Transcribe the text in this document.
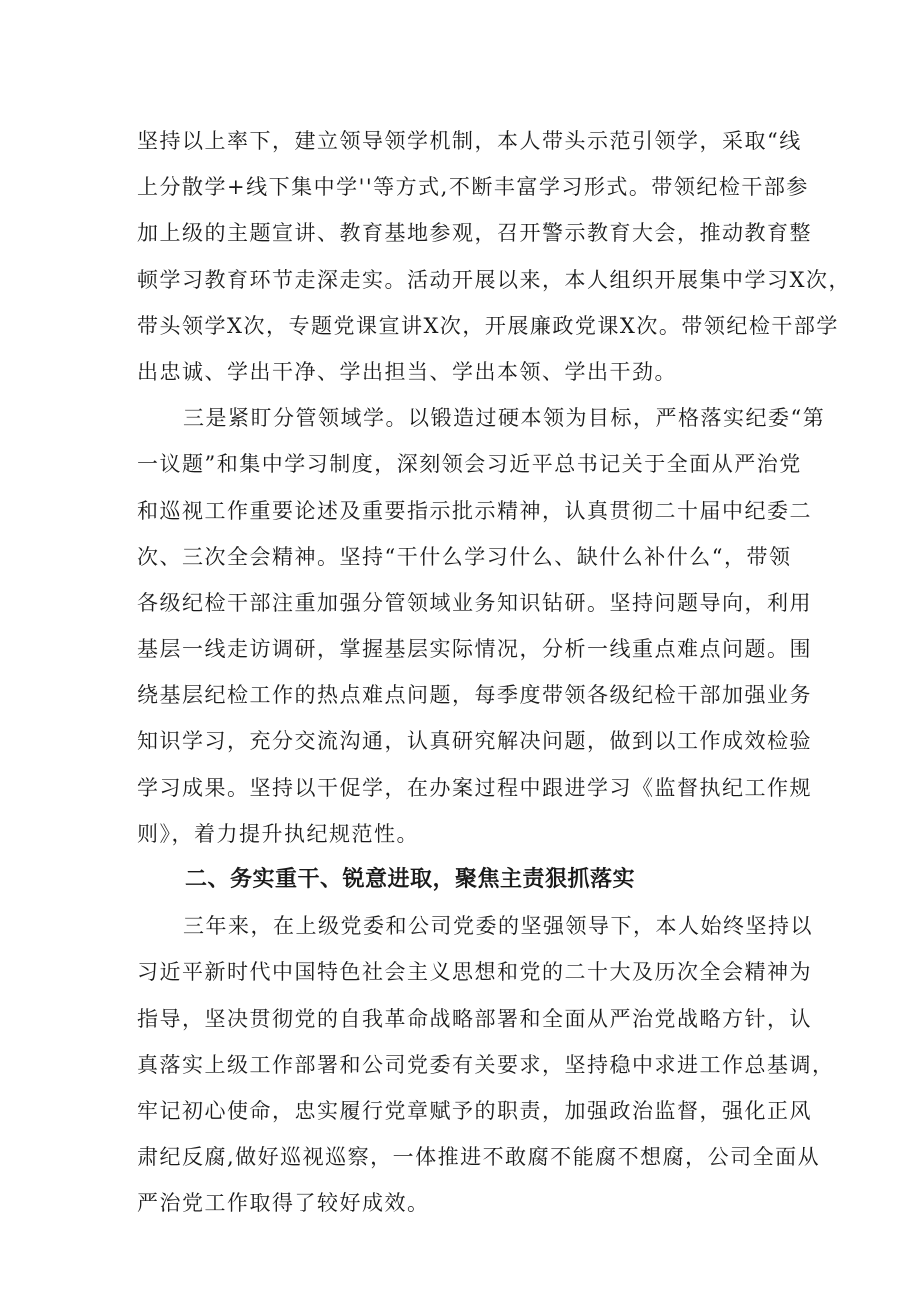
坚持以上率下，建立领导领学机制，本人带头示范引领学，采取“线
上分散学+线下集中学''等方式,不断丰富学习形式。带领纪检干部参
加上级的主题宣讲、教育基地参观，召开警示教育大会，推动教育整
顿学习教育环节走深走实。活动开展以来，本人组织开展集中学习X次，
带头领学X次，专题党课宣讲X次，开展廉政党课X次。带领纪检干部学
出忠诚、学出干净、学出担当、学出本领、学出干劲。
三是紧盯分管领域学。以锻造过硬本领为目标，严格落实纪委“第
一议题”和集中学习制度，深刻领会习近平总书记关于全面从严治党
和巡视工作重要论述及重要指示批示精神，认真贯彻二十届中纪委二
次、三次全会精神。坚持“干什么学习什么、缺什么补什么“，带领
各级纪检干部注重加强分管领域业务知识钻研。坚持问题导向，利用
基层一线走访调研，掌握基层实际情况，分析一线重点难点问题。围
绕基层纪检工作的热点难点问题，每季度带领各级纪检干部加强业务
知识学习，充分交流沟通，认真研究解决问题，做到以工作成效检验
学习成果。坚持以干促学，在办案过程中跟进学习《监督执纪工作规
则》，着力提升执纪规范性。
二、务实重干、锐意进取，聚焦主责狠抓落实
三年来，在上级党委和公司党委的坚强领导下，本人始终坚持以
习近平新时代中国特色社会主义思想和党的二十大及历次全会精神为
指导，坚决贯彻党的自我革命战略部署和全面从严治党战略方针，认
真落实上级工作部署和公司党委有关要求，坚持稳中求进工作总基调，
牢记初心使命，忠实履行党章赋予的职责，加强政治监督，强化正风
肃纪反腐,做好巡视巡察，一体推进不敢腐不能腐不想腐，公司全面从
严治党工作取得了较好成效。
